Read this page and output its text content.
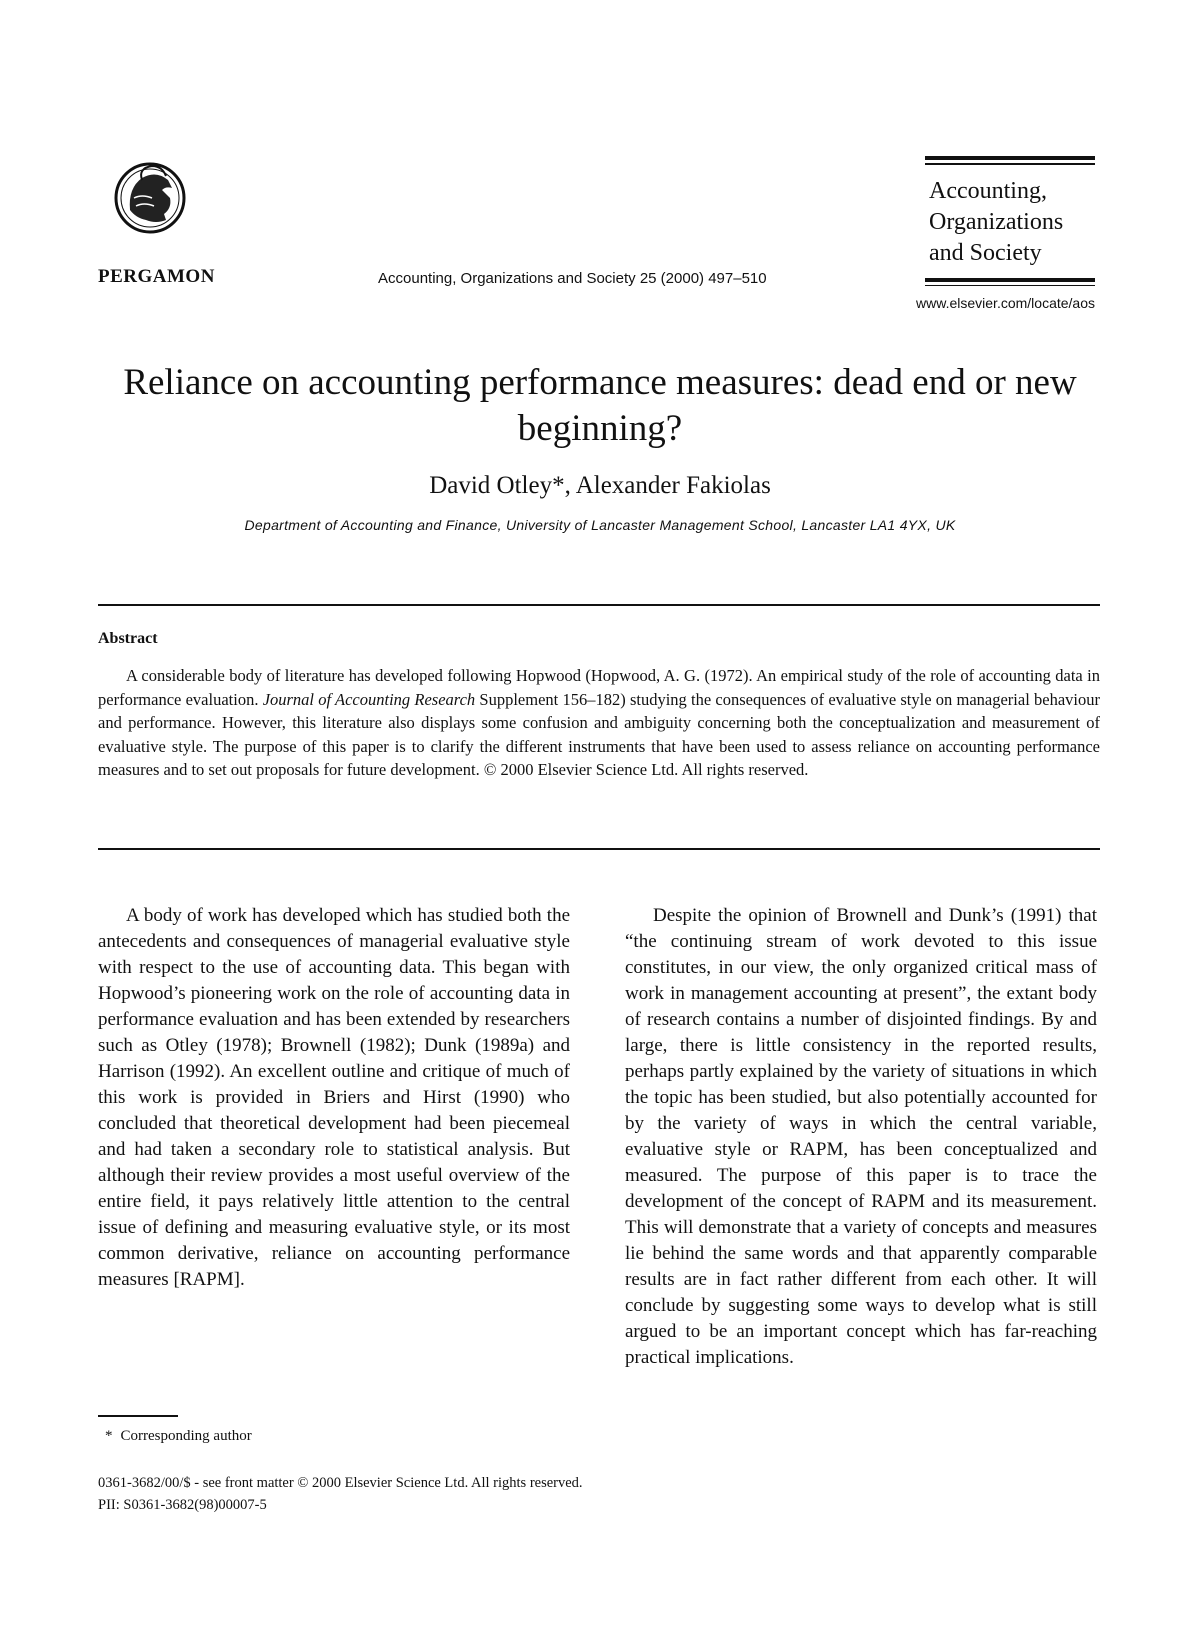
PERGAMON	Accounting, Organizations and Society 25 (2000) 497–510
Accounting,
Organizations
and Society
www.elsevier.com/locate/aos
Reliance on accounting performance measures: dead end or new beginning?
David Otley*, Alexander Fakiolas
Department of Accounting and Finance, University of Lancaster Management School, Lancaster LA1 4YX, UK
Abstract
A considerable body of literature has developed following Hopwood (Hopwood, A. G. (1972). An empirical study of the role of accounting data in performance evaluation. Journal of Accounting Research Supplement 156–182) studying the consequences of evaluative style on managerial behaviour and performance. However, this literature also displays some confusion and ambiguity concerning both the conceptualization and measurement of evaluative style. The purpose of this paper is to clarify the different instruments that have been used to assess reliance on accounting performance measures and to set out proposals for future development. © 2000 Elsevier Science Ltd. All rights reserved.
A body of work has developed which has studied both the antecedents and consequences of managerial evaluative style with respect to the use of accounting data. This began with Hopwood’s pioneering work on the role of accounting data in performance evaluation and has been extended by researchers such as Otley (1978); Brownell (1982); Dunk (1989a) and Harrison (1992). An excellent outline and critique of much of this work is provided in Briers and Hirst (1990) who concluded that theoretical development had been piecemeal and had taken a secondary role to statistical analysis. But although their review provides a most useful overview of the entire field, it pays relatively little attention to the central issue of defining and measuring evaluative style, or its most common derivative, reliance on accounting performance measures [RAPM].
Despite the opinion of Brownell and Dunk’s (1991) that “the continuing stream of work devoted to this issue constitutes, in our view, the only organized critical mass of work in management accounting at present”, the extant body of research contains a number of disjointed findings. By and large, there is little consistency in the reported results, perhaps partly explained by the variety of situations in which the topic has been studied, but also potentially accounted for by the variety of ways in which the central variable, evaluative style or RAPM, has been conceptualized and measured. The purpose of this paper is to trace the development of the concept of RAPM and its measurement. This will demonstrate that a variety of concepts and measures lie behind the same words and that apparently comparable results are in fact rather different from each other. It will conclude by suggesting some ways to develop what is still argued to be an important concept which has far-reaching practical implications.
* Corresponding author
0361-3682/00/$ - see front matter © 2000 Elsevier Science Ltd. All rights reserved.
PII: S0361-3682(98)00007-5
